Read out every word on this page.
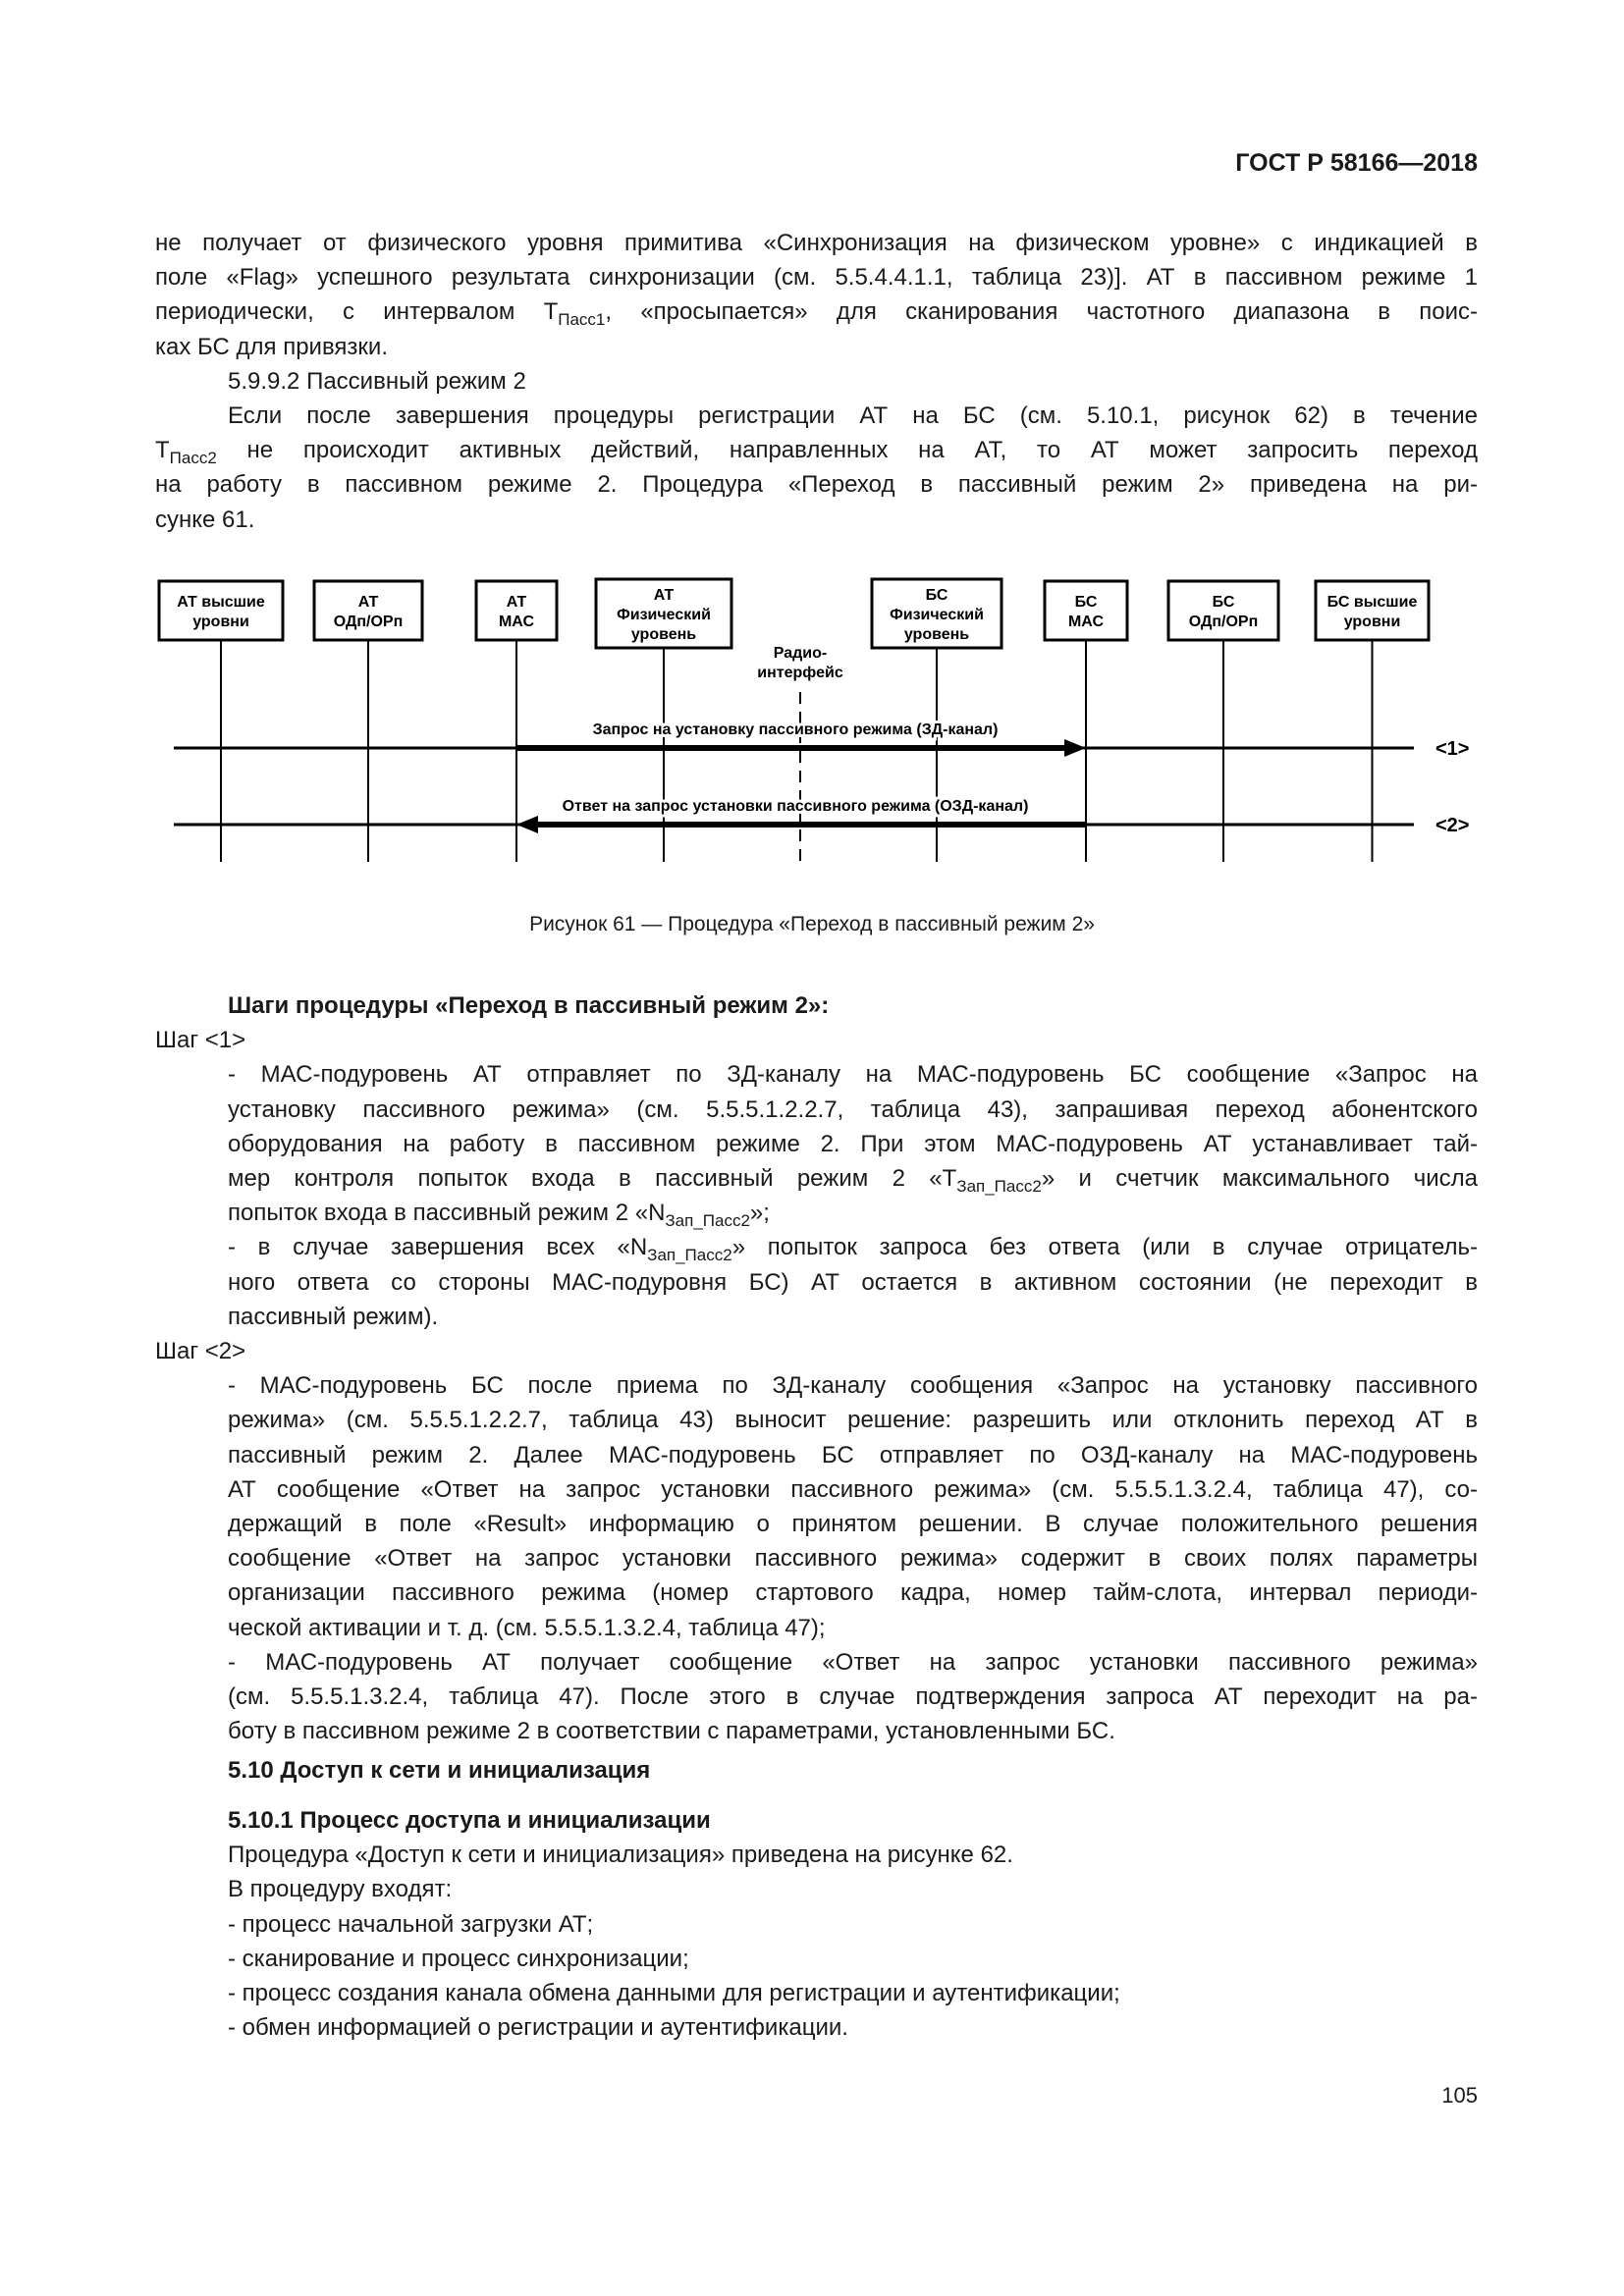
ГОСТ Р 58166—2018
не получает от физического уровня примитива «Синхронизация на физическом уровне» с индикацией в
поле «Flag» успешного результата синхронизации (см. 5.5.4.4.1.1, таблица 23)]. АТ в пассивном режиме 1
периодически, с интервалом $Т_{Пасс1}$, «просыпается» для сканирования частотного диапазона в поис-
ках БС для привязки.
5.9.9.2 Пассивный режим 2
Если после завершения процедуры регистрации АТ на БС (см. 5.10.1, рисунок 62) в течение
$Т_{Пасс2}$ не происходит активных действий, направленных на АТ, то АТ может запросить переход
на работу в пассивном режиме 2. Процедура «Переход в пассивный режим 2» приведена на ри-
сунке 61.
АТ высшие
уровни
АТ
ОДп/ОРп
АТ
МАС
АТ
Физический
уровень
БС
Физический
уровень
БС
МАС
БС
ОДп/ОРп
БС высшие
уровни
Радио-
интерфейс
Запрос на установку пассивного режима (ЗД-канал)
<1>
Ответ на запрос установки пассивного режима (ОЗД-канал)
<2>
Рисунок 61 — Процедура «Переход в пассивный режим 2»
Шаги процедуры «Переход в пассивный режим 2»:
Шаг <1>
- МАС-подуровень АТ отправляет по ЗД-каналу на МАС-подуровень БС сообщение «Запрос на
установку пассивного режима» (см. 5.5.5.1.2.2.7, таблица 43), запрашивая переход абонентского
оборудования на работу в пассивном режиме 2. При этом МАС-подуровень АТ устанавливает тай-
мер контроля попыток входа в пассивный режим 2 «$Т_{Зап\_Пасс2}$» и счетчик максимального числа
попыток входа в пассивный режим 2 «$N_{Зап\_Пасс2}$»;
- в случае завершения всех «$N_{Зап\_Пасс2}$» попыток запроса без ответа (или в случае отрицатель-
ного ответа со стороны МАС-подуровня БС) АТ остается в активном состоянии (не переходит в
пассивный режим).
Шаг <2>
- МАС-подуровень БС после приема по ЗД-каналу сообщения «Запрос на установку пассивного
режима» (см. 5.5.5.1.2.2.7, таблица 43) выносит решение: разрешить или отклонить переход АТ в
пассивный режим 2. Далее МАС-подуровень БС отправляет по ОЗД-каналу на МАС-подуровень
АТ сообщение «Ответ на запрос установки пассивного режима» (см. 5.5.5.1.3.2.4, таблица 47), со-
держащий в поле «Result» информацию о принятом решении. В случае положительного решения
сообщение «Ответ на запрос установки пассивного режима» содержит в своих полях параметры
организации пассивного режима (номер стартового кадра, номер тайм-слота, интервал периоди-
ческой активации и т. д. (см. 5.5.5.1.3.2.4, таблица 47);
- МАС-подуровень АТ получает сообщение «Ответ на запрос установки пассивного режима»
(см. 5.5.5.1.3.2.4, таблица 47). После этого в случае подтверждения запроса АТ переходит на ра-
боту в пассивном режиме 2 в соответствии с параметрами, установленными БС.
5.10 Доступ к сети и инициализация
5.10.1 Процесс доступа и инициализации
Процедура «Доступ к сети и инициализация» приведена на рисунке 62.
В процедуру входят:
- процесс начальной загрузки АТ;
- сканирование и процесс синхронизации;
- процесс создания канала обмена данными для регистрации и аутентификации;
- обмен информацией о регистрации и аутентификации.
105
